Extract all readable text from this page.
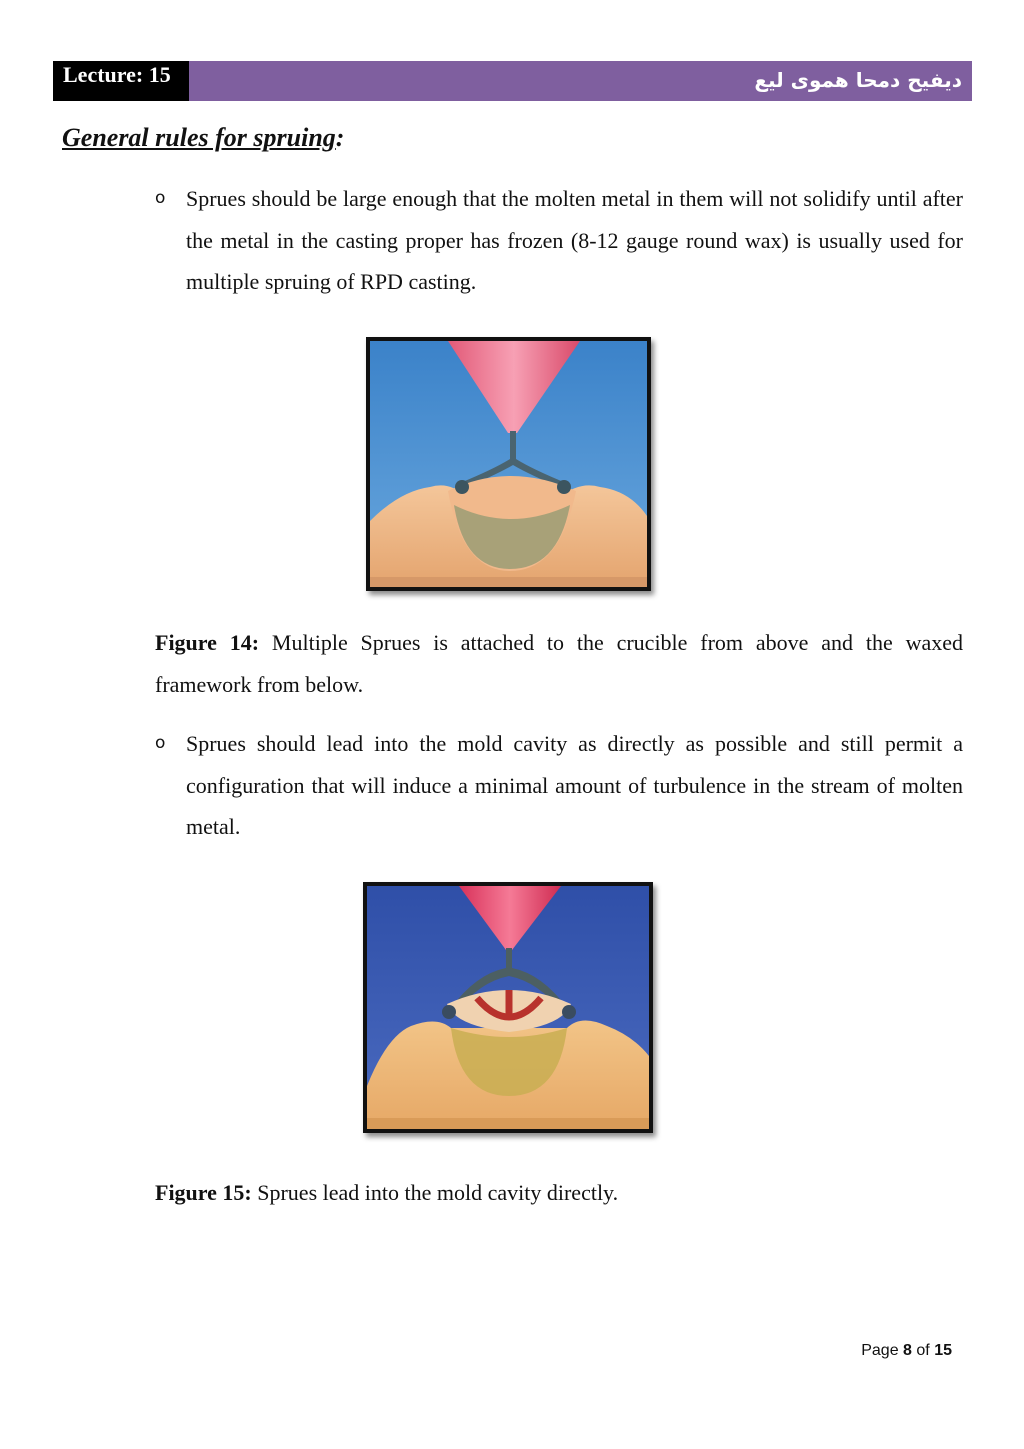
Lecture: 15	ديفيح دمحا هموى ليع
General rules for spruing:
o Sprues should be large enough that the molten metal in them will not solidify until after the metal in the casting proper has frozen (8-12 gauge round wax) is usually used for multiple spruing of RPD casting.
Figure 14: Multiple Sprues is attached to the crucible from above and the waxed framework from below.
o Sprues should lead into the mold cavity as directly as possible and still permit a configuration that will induce a minimal amount of turbulence in the stream of molten metal.
Figure 15: Sprues lead into the mold cavity directly.
Page 8 of 15
